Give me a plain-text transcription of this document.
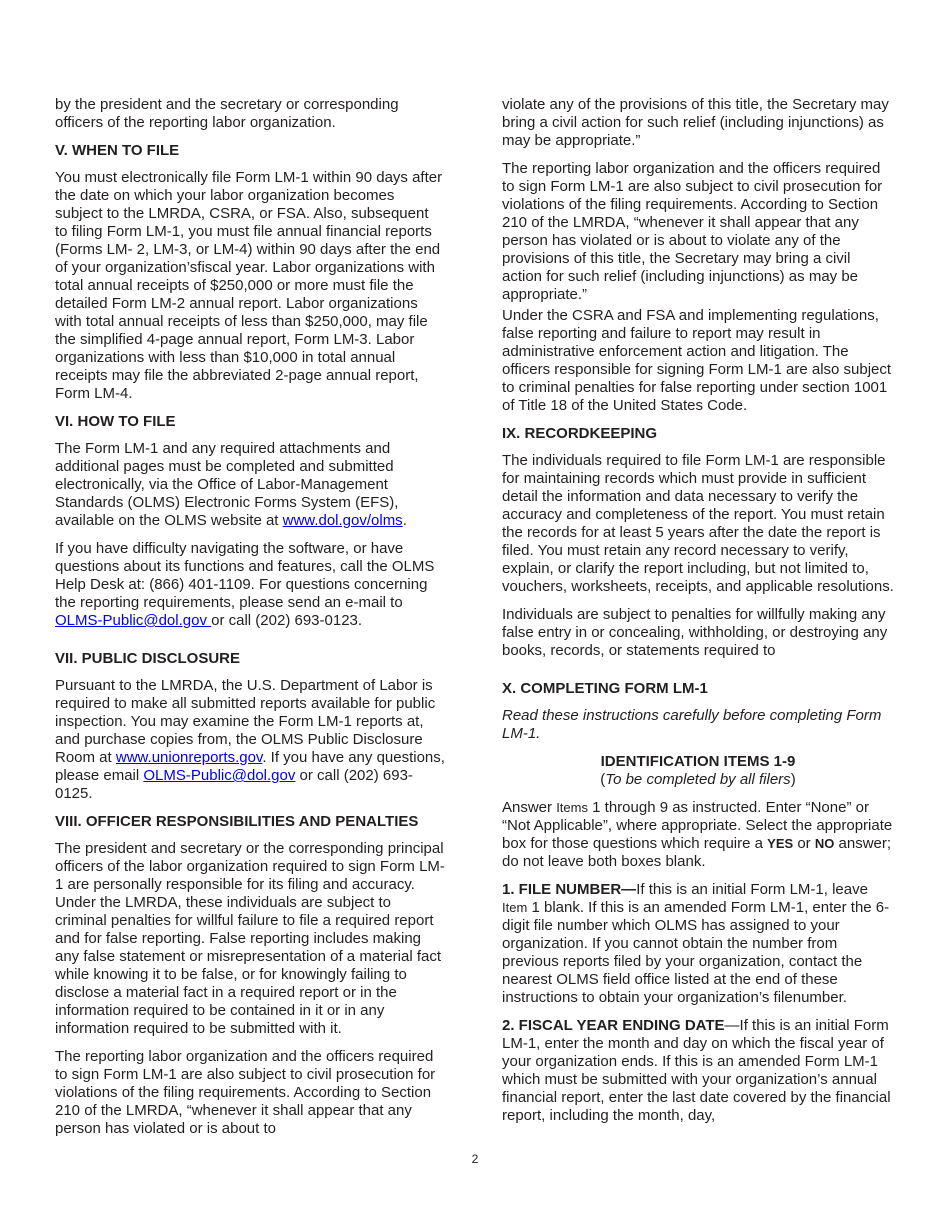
by the president and the secretary or corresponding officers of the reporting labor organization.

V. WHEN TO FILE

You must electronically file Form LM-1 within 90 days after the date on which your labor organization becomes subject to the LMRDA, CSRA, or FSA. Also, subsequent to filing Form LM-1, you must file annual financial reports (Forms LM- 2, LM-3, or LM-4) within 90 days after the end of your organization’sfiscal year. Labor organizations with total annual receipts of $250,000 or more must file the detailed Form LM-2 annual report. Labor organizations with total annual receipts of less than $250,000, may file the simplified 4-page annual report, Form LM-3. Labor organizations with less than $10,000 in total annual receipts may file the abbreviated 2-page annual report, Form LM-4.

VI. HOW TO FILE

The Form LM-1 and any required attachments and additional pages must be completed and submitted electronically, via the Office of Labor-Management Standards (OLMS) Electronic Forms System (EFS), available on the OLMS website at www.dol.gov/olms.

If you have difficulty navigating the software, or have questions about its functions and features, call the OLMS Help Desk at: (866) 401-1109. For questions concerning the reporting requirements, please send an e-mail to OLMS-Public@dol.gov or call (202) 693-0123.

VII. PUBLIC DISCLOSURE

Pursuant to the LMRDA, the U.S. Department of Labor is required to make all submitted reports available for public inspection. You may examine the Form LM-1 reports at, and purchase copies from, the OLMS Public Disclosure Room at www.unionreports.gov. If you have any questions, please email OLMS-Public@dol.gov or call (202) 693-0125.

VIII. OFFICER RESPONSIBILITIES AND PENALTIES

The president and secretary or the corresponding principal officers of the labor organization required to sign Form LM-1 are personally responsible for its filing and accuracy. Under the LMRDA, these individuals are subject to criminal penalties for willful failure to file a required report and for false reporting. False reporting includes making any false statement or misrepresentation of a material fact while knowing it to be false, or for knowingly failing to disclose a material fact in a required report or in the information required to be contained in it or in any information required to be submitted with it.

The reporting labor organization and the officers required to sign Form LM-1 are also subject to civil prosecution for violations of the filing requirements. According to Section 210 of the LMRDA, “whenever it shall appear that any person has violated or is about to

violate any of the provisions of this title, the Secretary may bring a civil action for such relief (including injunctions) as may be appropriate.”

The reporting labor organization and the officers required to sign Form LM-1 are also subject to civil prosecution for violations of the filing requirements. According to Section 210 of the LMRDA, “whenever it shall appear that any person has violated or is about to violate any of the provisions of this title, the Secretary may bring a civil action for such relief (including injunctions) as may be appropriate.”

Under the CSRA and FSA and implementing regulations, false reporting and failure to report may result in administrative enforcement action and litigation. The officers responsible for signing Form LM-1 are also subject to criminal penalties for false reporting under section 1001 of Title 18 of the United States Code.

IX. RECORDKEEPING

The individuals required to file Form LM-1 are responsible for maintaining records which must provide in sufficient detail the information and data necessary to verify the accuracy and completeness of the report. You must retain the records for at least 5 years after the date the report is filed. You must retain any record necessary to verify, explain, or clarify the report including, but not limited to, vouchers, worksheets, receipts, and applicable resolutions.

Individuals are subject to penalties for willfully making any false entry in or concealing, withholding, or destroying any books, records, or statements required to

X. COMPLETING FORM LM-1

Read these instructions carefully before completing Form LM-1.

IDENTIFICATION ITEMS 1-9

(To be completed by all filers)

Answer Items 1 through 9 as instructed. Enter “None” or “Not Applicable”, where appropriate. Select the appropriate box for those questions which require a YES or NO answer; do not leave both boxes blank.

1. FILE NUMBER—If this is an initial Form LM-1, leave Item 1 blank. If this is an amended Form LM-1, enter the 6-digit file number which OLMS has assigned to your organization. If you cannot obtain the number from previous reports filed by your organization, contact the nearest OLMS field office listed at the end of these instructions to obtain your organization’s filenumber.

2. FISCAL YEAR ENDING DATE—If this is an initial Form LM-1, enter the month and day on which the fiscal year of your organization ends. If this is an amended Form LM-1 which must be submitted with your organization’s annual financial report, enter the last date covered by the financial report, including the month, day,

2
